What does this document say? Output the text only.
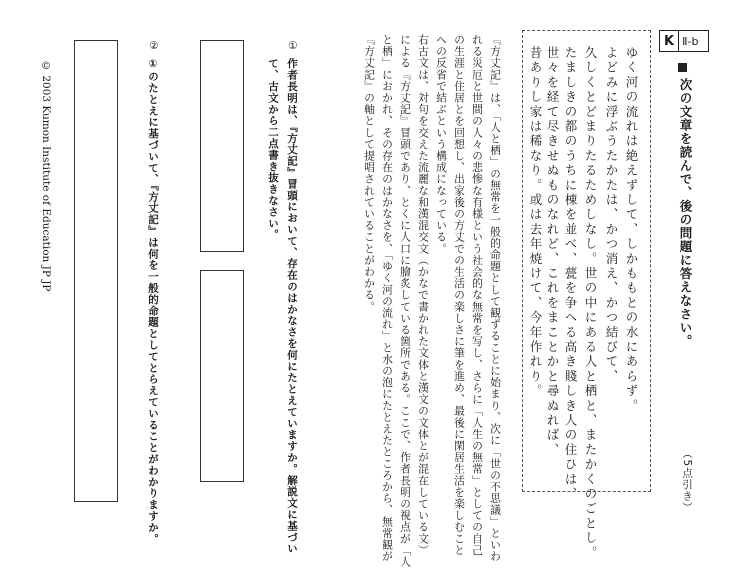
K Ⅱ-b
次の文章を読んで、後の問題に答えなさい。
（5点引き）
ゆく河の流れは絶えずして、しかももとの水にあらず。
よどみに浮ぶうたかたは、かつ消え、かつ結びて、
久しくとどまりたるためしなし。世の中にある人と栖と、またかくのごとし。
たましきの都のうちに棟を並べ、甍を争へる高き賤しき人の住ひは、
世々を経て尽きせぬものなれど、これをまことかと尋ぬれば、
昔ありし家は稀なり。或は去年焼けて、今年作れり。
『方丈記』は、「人と栖」の無常を一般的命題として観ずることに始まり、次に「世の不思議」といわ
れる災厄と世間の人々の悲惨な有様という社会的な無常を写し、さらに「人生の無常」としての自己
の生涯と住居とを回想し、出家後の方丈での生活の楽しさに筆を進め、最後に閑居生活を楽しむこと
への反省で結ぶという構成になっている。
右古文は、対句を交えた流麗な和漢混交文（かなで書かれた文体と漢文の文体とが混在している文）
による『方丈記』冒頭であり、とくに人口に膾炙している箇所である。ここで、作者長明の視点が「人
と栖」におかれ、その存在のはかなさを、「ゆく河の流れ」と水の泡にたとえたところから、無常観が
『方丈記』の軸として提唱されていることがわかる。
①
作者長明は、『方丈記』冒頭において、存在のはかなさを何にたとえていますか。解説文に基づい
て、古文から二点書き抜きなさい。
②
①のたとえに基づいて、『方丈記』は何を一般的命題としてとらえていることがわかりますか。
© 2003 Kumon Institute of Education JP JP
